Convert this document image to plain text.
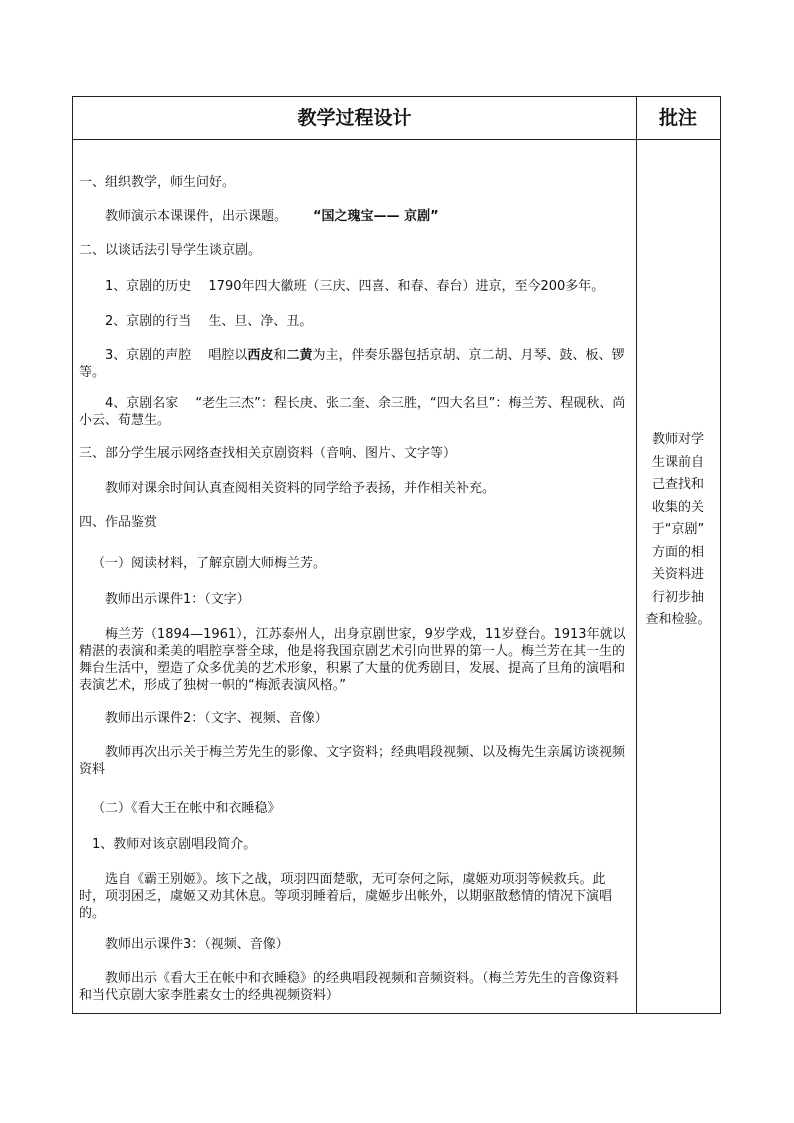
教学过程设计	批注

一、组织教学，师生问好。

教师演示本课课件，出示课题。 “国之瑰宝—— 京剧”

二、以谈话法引导学生谈京剧。

1、京剧的历史　 1790年四大徽班（三庆、四喜、和春、春台）进京，至今200多年。

2、京剧的行当　 生、旦、净、丑。

3、京剧的声腔　 唱腔以西皮和二黄为主，伴奏乐器包括京胡、京二胡、月琴、鼓、板、锣等。

4、京剧名家　 “老生三杰”：程长庚、张二奎、余三胜，“四大名旦”：梅兰芳、程砚秋、尚小云、荀慧生。

三、部分学生展示网络查找相关京剧资料（音响、图片、文字等）

教师对课余时间认真查阅相关资料的同学给予表扬，并作相关补充。

四、作品鉴赏

（一）阅读材料，了解京剧大师梅兰芳。

教师出示课件1：（文字）

梅兰芳（1894—1961），江苏泰州人，出身京剧世家，9岁学戏，11岁登台。1913年就以精湛的表演和柔美的唱腔享誉全球，他是将我国京剧艺术引向世界的第一人。梅兰芳在其一生的舞台生活中，塑造了众多优美的艺术形象，积累了大量的优秀剧目，发展、提高了旦角的演唱和表演艺术，形成了独树一帜的“梅派表演风格。”

教师出示课件2：（文字、视频、音像）

教师再次出示关于梅兰芳先生的影像、文字资料；经典唱段视频、以及梅先生亲属访谈视频资料

（二）《看大王在帐中和衣睡稳》

1、教师对该京剧唱段简介。

选自《霸王别姬》。垓下之战，项羽四面楚歌，无可奈何之际，虞姬劝项羽等候救兵。此时，项羽困乏，虞姬又劝其休息。等项羽睡着后，虞姬步出帐外，以期驱散愁情的情况下演唱的。

教师出示课件3：（视频、音像）

教师出示《看大王在帐中和衣睡稳》的经典唱段视频和音频资料。（梅兰芳先生的音像资料和当代京剧大家李胜素女士的经典视频资料）

教师对学
生课前自
己查找和
收集的关
于“京剧”
方面的相
关资料进
行初步抽
查和检验。
